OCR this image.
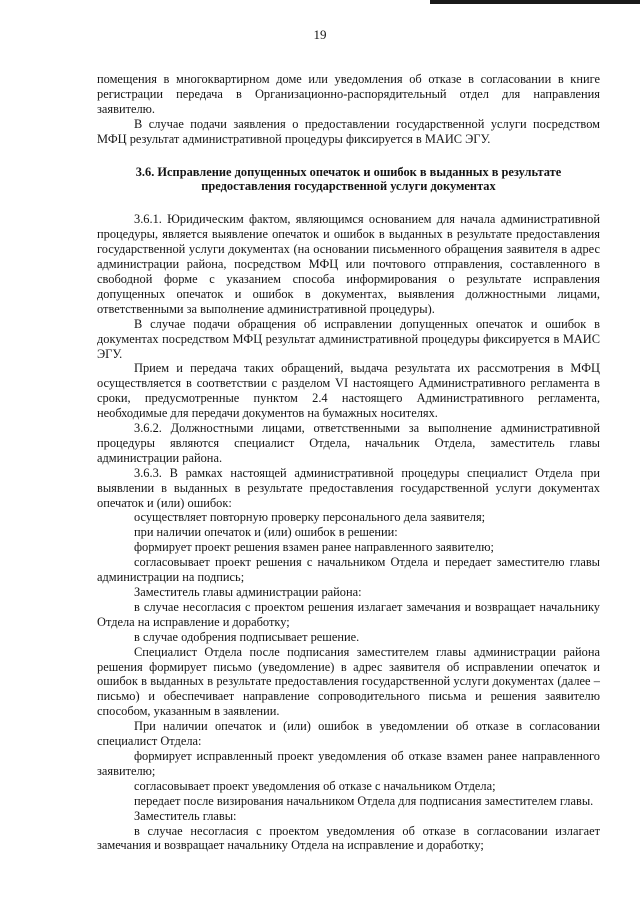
19

помещения в многоквартирном доме или уведомления об отказе в согласовании в книге регистрации передача в Организационно-распорядительный отдел для направления заявителю.

В случае подачи заявления о предоставлении государственной услуги посредством МФЦ результат административной процедуры фиксируется в МАИС ЭГУ.

3.6. Исправление допущенных опечаток и ошибок в выданных в результате предоставления государственной услуги документах

3.6.1. Юридическим фактом, являющимся основанием для начала административной процедуры, является выявление опечаток и ошибок в выданных в результате предоставления государственной услуги документах (на основании письменного обращения заявителя в адрес администрации района, посредством МФЦ или почтового отправления, составленного в свободной форме с указанием способа информирования о результате исправления допущенных опечаток и ошибок в документах, выявления должностными лицами, ответственными за выполнение административной процедуры).

В случае подачи обращения об исправлении допущенных опечаток и ошибок в документах посредством МФЦ результат административной процедуры фиксируется в МАИС ЭГУ.

Прием и передача таких обращений, выдача результата их рассмотрения в МФЦ осуществляется в соответствии с разделом VI настоящего Административного регламента в сроки, предусмотренные пунктом 2.4 настоящего Административного регламента, необходимые для передачи документов на бумажных носителях.

3.6.2. Должностными лицами, ответственными за выполнение административной процедуры являются специалист Отдела, начальник Отдела, заместитель главы администрации района.

3.6.3. В рамках настоящей административной процедуры специалист Отдела при выявлении в выданных в результате предоставления государственной услуги документах опечаток и (или) ошибок:

осуществляет повторную проверку персонального дела заявителя;

при наличии опечаток и (или) ошибок в решении:

формирует проект решения взамен ранее направленного заявителю;

согласовывает проект решения с начальником Отдела и передает заместителю главы администрации на подпись;

Заместитель главы администрации района:

в случае несогласия с проектом решения излагает замечания и возвращает начальнику Отдела на исправление и доработку;

в случае одобрения подписывает решение.

Специалист Отдела после подписания заместителем главы администрации района решения формирует письмо (уведомление) в адрес заявителя об исправлении опечаток и ошибок в выданных в результате предоставления государственной услуги документах (далее – письмо) и обеспечивает направление сопроводительного письма и решения заявителю способом, указанным в заявлении.

При наличии опечаток и (или) ошибок в уведомлении об отказе в согласовании специалист Отдела:

формирует исправленный проект уведомления об отказе взамен ранее направленного заявителю;

согласовывает проект уведомления об отказе с начальником Отдела;

передает после визирования начальником Отдела для подписания заместителем главы.

Заместитель главы:

в случае несогласия с проектом уведомления об отказе в согласовании излагает замечания и возвращает начальнику Отдела на исправление и доработку;
